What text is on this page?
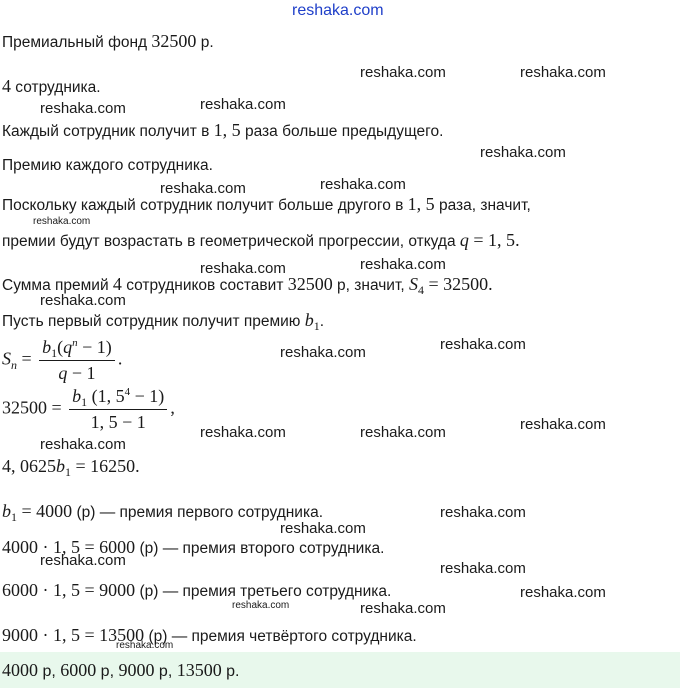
reshaka.com

Премиальный фонд 32500 р.

4 сотрудника.

Каждый сотрудник получит в 1, 5 раза больше предыдущего.

Премию каждого сотрудника.

Поскольку каждый сотрудник получит больше другого в 1, 5 раза, значит,

премии будут возрастать в геометрической прогрессии, откуда q = 1, 5.

Сумма премий 4 сотрудников составит 32500 р, значит, $S_4 = 32500$.

Пусть первый сотрудник получит премию $b_1$.

$S_n = \frac{b_1(q^n - 1)}{q - 1}$ .
$32500 = \frac{b_1 (1, 5^4 - 1)}{1, 5 - 1}$ ,

4, $0625b_1 = 16250$.

$b_1 = 4000$ (р) — премия первого сотрудника.

4000 · 1, 5 = 6000 (р) — премия второго сотрудника.

6000 · 1, 5 = 9000 (р) — премия третьего сотрудника.

9000 · 1, 5 = 13500 (р) — премия четвёртого сотрудника.

4000 р, 6000 р, 9000 р, 13500 р.
reshaka.com	reshaka.com
reshaka.com	reshaka.com
reshaka.com
reshaka.com	reshaka.com
reshaka.com
reshaka.com	reshaka.com
reshaka.com
reshaka.com	reshaka.com
reshaka.com	reshaka.com	reshaka.com
reshaka.com
reshaka.com
reshaka.com
reshaka.com
reshaka.com
reshaka.com
reshaka.com	reshaka.com
reshaka.com
